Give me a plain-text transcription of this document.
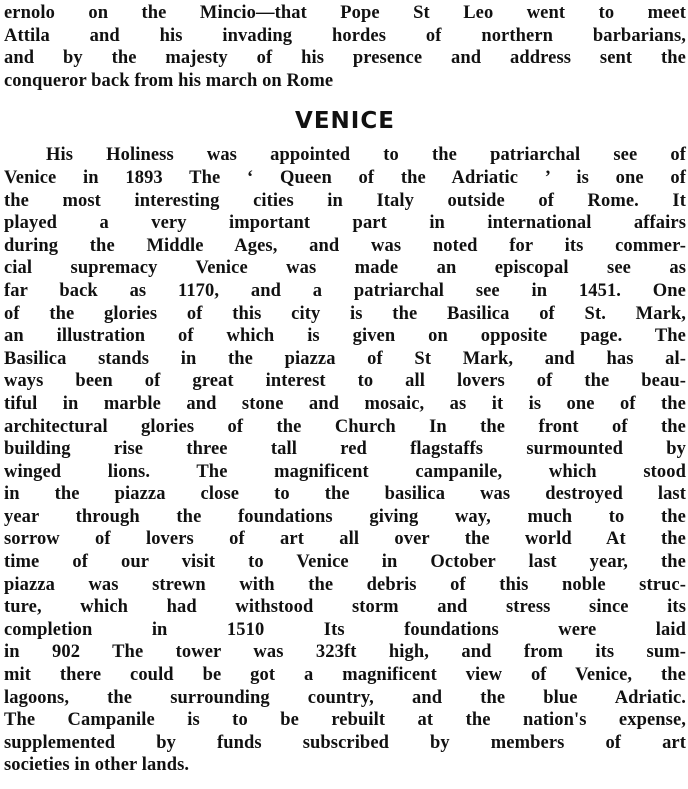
ernolo on the Mincio—that Pope St Leo went to meet
Attila and his invading hordes of northern barbarians,
and by the majesty of his presence and address sent the
conqueror back from his march on Rome
VENICE
His Holiness was appointed to the patriarchal see of
Venice in 1893 The ‘ Queen of the Adriatic ’ is one of
the most interesting cities in Italy outside of Rome. It
played a very important part in international affairs
during the Middle Ages, and was noted for its commer-
cial supremacy Venice was made an episcopal see as
far back as 1170, and a patriarchal see in 1451. One
of the glories of this city is the Basilica of St. Mark,
an illustration of which is given on opposite page. The
Basilica stands in the piazza of St Mark, and has al-
ways been of great interest to all lovers of the beau-
tiful in marble and stone and mosaic, as it is one of the
architectural glories of the Church In the front of the
building rise three tall red flagstaffs surmounted by
winged lions. The magnificent campanile, which stood
in the piazza close to the basilica was destroyed last
year through the foundations giving way, much to the
sorrow of lovers of art all over the world At the
time of our visit to Venice in October last year, the
piazza was strewn with the debris of this noble struc-
ture, which had withstood storm and stress since its
completion in 1510 Its foundations were laid
in 902 The tower was 323ft high, and from its sum-
mit there could be got a magnificent view of Venice, the
lagoons, the surrounding country, and the blue Adriatic.
The Campanile is to be rebuilt at the nation's expense,
supplemented by funds subscribed by members of art
societies in other lands.
